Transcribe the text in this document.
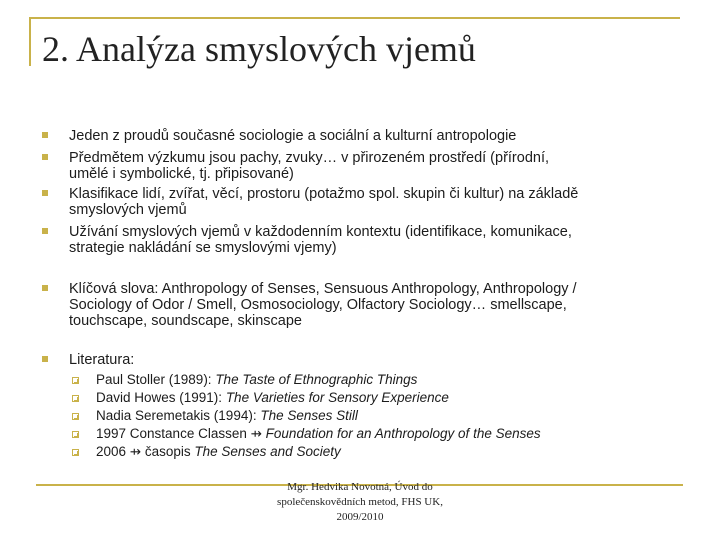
2. Analýza smyslových vjemů
Jeden z proudů současné sociologie a sociální a kulturní antropologie
Předmětem výzkumu jsou pachy, zvuky… v přirozeném prostředí (přírodní,
umělé i symbolické, tj. připisované)
Klasifikace lidí, zvířat, věcí, prostoru (potažmo spol. skupin či kultur) na základě
smyslových vjemů
Užívání smyslových vjemů v každodenním kontextu (identifikace, komunikace,
strategie nakládání se smyslovými vjemy)
Klíčová slova: Anthropology of Senses, Sensuous Anthropology, Anthropology /
Sociology of Odor / Smell, Osmosociology, Olfactory Sociology… smellscape,
touchscape, soundscape, skinscape
Literatura:
Paul Stoller (1989): The Taste of Ethnographic Things
David Howes (1991): The Varieties for Sensory Experience
Nadia Seremetakis (1994): The Senses Still
1997 Constance Classen ⇸ Foundation for an Anthropology of the Senses
2006 ⇸ časopis The Senses and Society
Mgr. Hedvika Novotná, Úvod do
společenskovědních metod, FHS UK,
2009/2010
